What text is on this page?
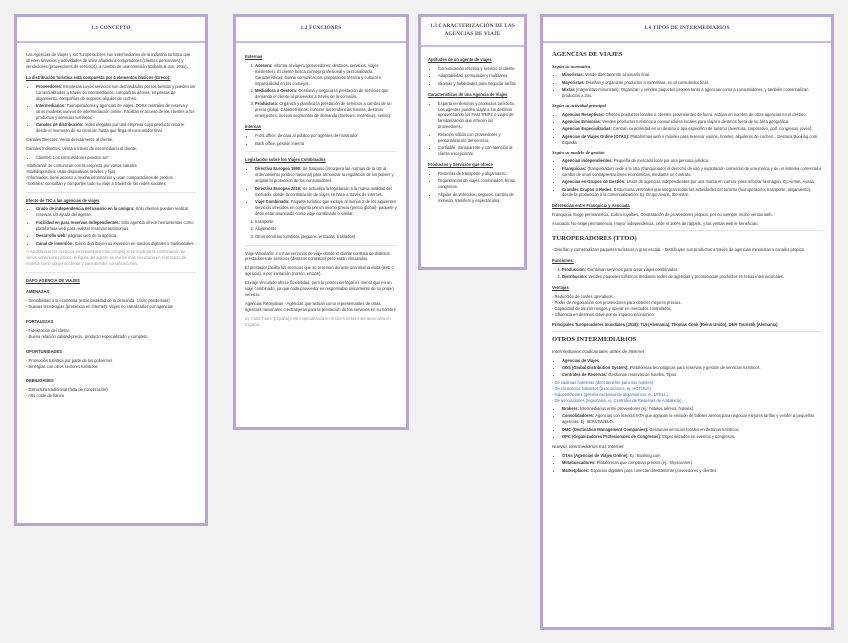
⋯
1.1 CONCEPTO

Las Agencias de Viajes y los Turoperadores son intermediarios de la industria turística que ofrecen servicios y actividades de valor añadido a compradores (clientes personales) y vendedores (proveedores de servicios), a cambio de una comisión (Bubalis & Jun, 2011).

La distribución turística está compuesta por 4 elementos básicos (Greco):

• Proveedores: Empresas cuyos servicios son demandados por los turistas y pueden ser comercializados a través de intermediarios: compañías aéreas, empresas de alojamiento, compañías de seguros, alquiler de coches.
• Intermediarios: Touroperadores y agencias de viajes, DOSs centrales de reserva y otros modelos nuevos de intermediación online. Facilitan el acceso de los clientes a los productos y servicios turísticos.
• Canales de distribución: redes elegidas por una empresa cuyo producto recorre desde el momento de su creación hasta que llega al consumidor final.

Canales Directos: Venta directamente al cliente.

Canales Indirectos: Venta a través de intermediario al cliente.

• Clientes: Los consumidores pueden ser:
-Multicanal: se comunican con la empresa por varios canales
-Multidispositivo: usan dispositivos móviles y fijos
-Informados: tiene acceso a mucha información y usan comparadores de precios
-Sociales: consultan y comparten todo su viaje a través de las redes sociales

Efecto de TIC a las agencias de viajes

• Grado de independencia del usuario en la compra: Sólo clientes pueden realizar reservas sin ayuda del agente.
• Facilidad en para reservas independientes: Sólo agencia ofrece herramientas como plataformas web para realizar reservas autónomas.
• Desarrollo web: páginas web de la agencia.
• Canal de inversión: Cómo distribuyen su inversión en medios digitales o tradicionales.

A medida que los servicios se ensamblan más complejos se implican la combinación de varios servicios turísticos, la figura del agente se vuelve más necesaria en el proceso de reserva como apoyo al cliente y para atender complicaciones.

DAFO AGENCIA DE VIAJES

AMENAZAS

- Sensibilidad a la economía (estacionalidad de la demanda, crisis, pandemias)
- Nuevas tecnologías (presencia en internet): Viajes no canalizados por agencias

FORTALEZAS

- Fidelización del cliente
- Buena relación calidad-precio, producto especializado y completo

OPORTUNIDADES

- Promoción turística por parte de los gobiernos
- Sinergias con otros sectores turísticos

DEBILIDADES

- Estructura tradicional (falta de cooperación)
- Alto coste de fianza
⋯
1.2 FUNCIONES

Externas

1. Asesora: informa al viajero (proveedores, destinos, servicios, viajes existentes). El cliente busca consejo profesional y personalizado. Características: buena comunicación, preparación técnica y cultural e imparcialidad en los consejos.
2. Mediadora o Gestora: Gestiona y negocia la prestación de servicios que demanda el cliente al proveedor a través de la comisión.
3. Productora: Organiza y planifica la prestación de servicios a cambio de un precio global. Características: conocer las tendencias futuras, destinos emergentes, nuevos segmentos de demanda (Nietsure, incentivos, senior).

Internas

• Front office: de cara al público por agentes de mostrador
• Back office: gestión interna

Legislación sobre los Viajes Combinados

• Directiva Europea 1990: Se traspuso (incorpora las normas de la UE al ordenamiento jurídico nacional) para armonizar la regulación de los países y ampliar la protección de los consumidores.
• Directiva Europea 2015: Se actualiza la legislación a la nueva realidad del mercado, donde la contratación de viajes se hace a través de internet.
• Viaje Combinado: Paquete turístico que incluye al menos 2 de los siguientes servicios ofrecidos en conjunto por un mismo precio (precio global)- paquete y debe estar anunciado como viaje combinado o similar.
1. transporte
2. Alojamiento
3. Otros servicios turísticos (seguros, entradas, traslados)

Viaje Vinculado: 2 o más servicios de viaje donde el cliente contrata de distintos prestadores de servicios (distintos contratos) pero están vinculados.

El prestador facilita los servicios que se reservan durante una misma visita (web o agencia), o por invitación (correo, enlace).

El viaje vinculado ofrece flexibilidad, pero la protección legal es menor que en un viaje combinado, ya que cada proveedor es responsable únicamente de su propio servicio.

Agencias Receptivas - Agencias que actúan como representantes de otras agencias nacionales o extranjeras para la prestación de los servicios en su nombre.

Ej. Catai Tours (España) está especializada en recibir turistas internacionales en España.

⋯
1.3 CARACTERIZACIÓN DE LAS AGENCIAS DE VIAJE

Aptitudes de un agente de viajes

• Comunicación efectiva y servicio al cliente
• Adaptabilidad, persuasión y multitarea
• Idiomas y habilidades para negociar tarifas

Características de una Agencia de Viajes

• Experta en destinos y productos turísticos. Los agentes pueden viajar a los destinos aprovechando los FAM TRIPS o viajes de familiarización que ofrecen los proveedores.
• Relación sólida con proveedores y personalización del servicio.
• Confiable, transparente y con atención al cliente excepcional.

Productos y Servicios que ofrece

• Reservas de transporte y alojamiento.
• Organización de viajes combinados, ferias, congresos.
• Alquiler de vehículos, seguros, cambio de moneda, transfers y espectáculos.
⋯
1.4 TIPOS DE INTERMEDIARIOS
AGENCIAS DE VIAJES
Según su normativa
• Minoristas: Vende directamente al usuario final.
• Mayoristas: Diseñan y organizan productos a minoristas, no al consumidor final.
• Mixtas (mayoristas-minoristas): Organizan y venden paquetes propios tanto a agencias como a consumidores, y también comercializan productos a 3os.
Según su actividad principal
• Agencias Receptivas: Ofrecen productos locales a clientes provenientes de fuera. Actúan en nombre de otras agencias en el destino.
• Agencias Emisoras: Venden productos turísticos a consumidores locales para viajar a destinos fuera de su área geográfica.
• Agencias Especializadas: Centran su actividad en un destino o tipo específico de turismo (aventura, corporativo, golf, congresos, joven).
• Agencias de Viajes Online (OTAS): Plataformas web o móviles para reservar vuelos, hoteles, alquileres de coches... Destaca Booking.com, Expedia.
Según su modelo de gestión
• Agencias independientes: Pequeña de mercado local por una persona jurídica.
• Franquicias: (franquiciador) cede a la otra (franquiciado) el derecho de uso y explotación comercial de una marca y de un sistema comercial a cambio de unas contraprestaciones económicas, mediante un contrato.
• Agencias en Grupos de Gestión: Unión de agencias independientes por una marca en común, para reforzar la imagen. Ej: Airmet, Avasa.
• Grandes Grupos o Redes: Estructuras verticales que integran todas las actividades del turismo (touroperación, transporte, alojamiento), desde la producción a la comercialización. Ej. Grupo Avoris, Iberostar.

Diferencias entre Franquicia y Asociada

Franquicia: Exige permanencia, Cobra royalties, Contratación de proveedores propios, por no siempre recibe ventas web.

Asociada: No exige permanencia, mayor independencia, cede el 100% de rappels, y las ventas web le benefician.

TUROPERADORES (TTOO)

- Diseñan y comercializan paquetes turísticos a gran escala. - Distribuyen sus productos a través de agencias minoristas o canales propios.

Funciones:

1. Producción: Combinan servicios para crear viajes combinados.
2. Distribución: Venden paquetes turísticos mediante redes de agencias y promocionan productos en ferias internacionales.

Ventajas

- Reducción de costes operativos.
- Poder de negociación con proveedores para obtener mejores precios.
- Capacidad de asumir riesgos y operar en mercados controlados.
- Influencia en destinos clave por su impacto económico.

Principales Turoperadores mundiales (2018): TUI (Alemania), Thomas Cook (Reino Unido), DER Touristik (Alemania)

OTROS INTERMEDIARIOS
Intermediarios tradicionales antes de Internet
• Agencias de Viajes
• GDS (Global Distribution System): Plataformas tecnológicas para reservas y gestión de servicios turísticos.
• Centrales de Reservas: Gestionan reservas de hoteles. Tipos:
- De cadenas hoteleras (directamente para sus hoteles).
- De consorcios hoteleros (asociaciones, ej. HOTUSA).
- Independientes (gestión exclusiva de alojamientos, ej. UTELL).
- De asociaciones (regionales, ej. Centrales de Reservas de Andalucía).
• Brokers: Intermediarios entre proveedores (ej.: hoteles aéreos, hoteles).
• Consolidadores: Agencias con licencia IATA que agrupan la emisión de billetes aéreos para negociar mejores tarifas y vender a pequeñas agencias. Ej. SERVIVUELO.
• DMC (Destination Management Companies): Gestionan servicios locales en destinos turísticos.
• OPC (Organizadores Profesionales de Congresos): Especializados en eventos y congresos.
Nuevos intermediarios tras Internet
• OTAs (Agencias de Viajes Online): Ej.: Booking.com
• Metabuscadores: Plataformas que comparan precios (ej.: Skyscanner).
• Marketplaces: Espacios digitales para conectar directamente proveedores y clientes.
